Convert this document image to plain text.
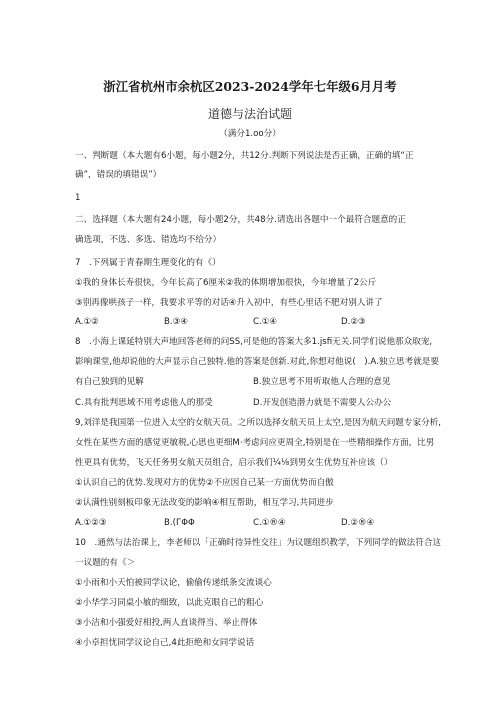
浙江省杭州市余杭区2023-2024学年七年级6月月考
道德与法治试题
（满分1.oo分）
一、判断题（本大题有6小题，每小题2分，共12分.判断下列说法是否正确，正确的填“正
确”，错误的填错误”）
1
二、选择题（本大题有24小题，每小题2分，共48分.请选出各题中一个最符合题意的正
确选项，不选、多选、错选均不给分）
7　.下列属于青春期生理变化的有《）
①我的身体长寿很快，今年长高了6厘米②我的体期增加很快，今年增量了2公斤
③别再像哄孩子一样，我要求平等的对话④升入初中，有些心里话不肥对别人讲了
A.①②	B.③④	C.①④	D.②③
8　.小海上课延特别大声地回答老师的问SS,可是他的答案大多1.jsfi无关.同学们说他那众取宠,
影响课堂,他却说他的大声显示自己独特.他的答案是创新.对此,你想对他说(　).A.独立思考就是要
有自己独到的见解	B.独立思考不用听取他人合理的意见
C.具有批判思域不用考虑他人的那受	D.开发创造潜力就是不需要人公办公
9,刘洋是我国第一位进入太空的女航天员。之所以选择女航天员上太空,是因为航天问题专家分析,
女性在某些方面的感觉更敏税,心思也更细M·考虑问应更周全,特别是在一些精细操作方面，比男
性更具有优势，飞天任务男女航天员组合，启示我们¼⅛到男女生优势互补应该（）
①认识自己的优势.发现对方的优势②不应因自己某一方面优势而自傲
②认满性别刻板印象无法改变的影响④相互帮助，相互学习,共同进步
A.①②③	B.(ГΦΦ	C.①®④	D.②®④
10　.通然与法治课上，李老师以「正确时待异性交往」为议题组织教学，下列同学的做法符合这
一议题的有《＞
①小雨和小天怕被同学议论，偷偷传递纸条交流谈心
②小华学习同桌小敏的细致，以此克眼自己的粗心
③小洁和小强爱好相投,两人直谈得当、举止得体
④小卓担忧同学议论自己,4此拒绝和女同学说话
